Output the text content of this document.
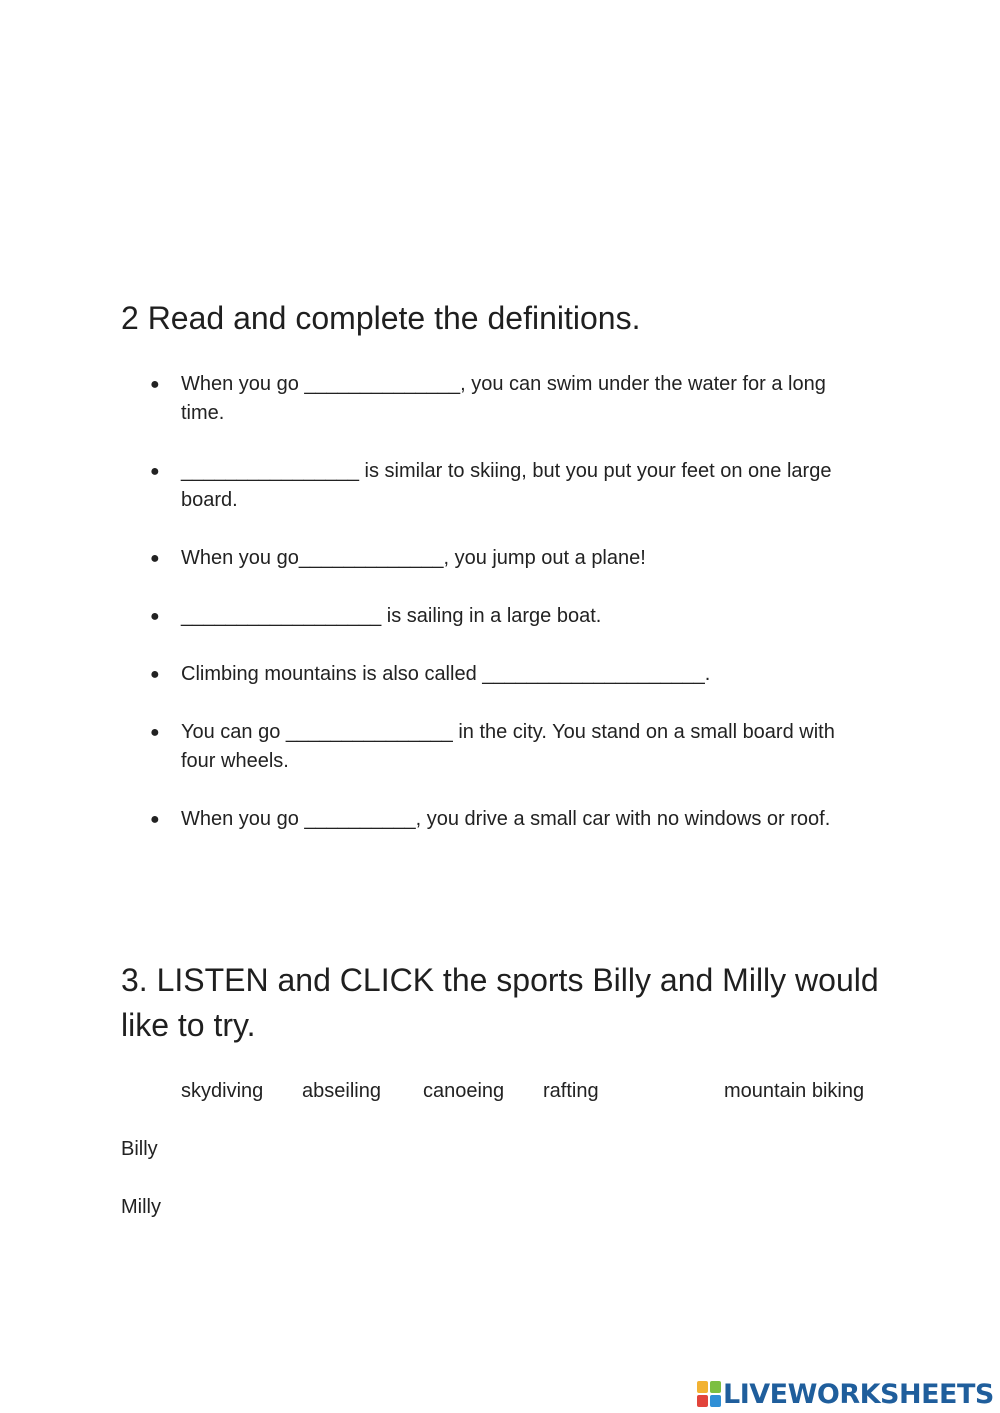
2 Read and complete the definitions.
● When you go ______________, you can swim under the water for a long time.
● ________________ is similar to skiing, but you put your feet on one large board.
● When you go_____________, you jump out a plane!
● __________________ is sailing in a large boat.
● Climbing mountains is also called ____________________.
● You can go _______________ in the city. You stand on a small board with four wheels.
● When you go __________, you drive a small car with no windows or roof.
3. LISTEN and CLICK the sports Billy and Milly would like to try.
skydiving abseiling canoeing rafting	mountain biking
Billy
Milly
LIVEWORKSHEETS
